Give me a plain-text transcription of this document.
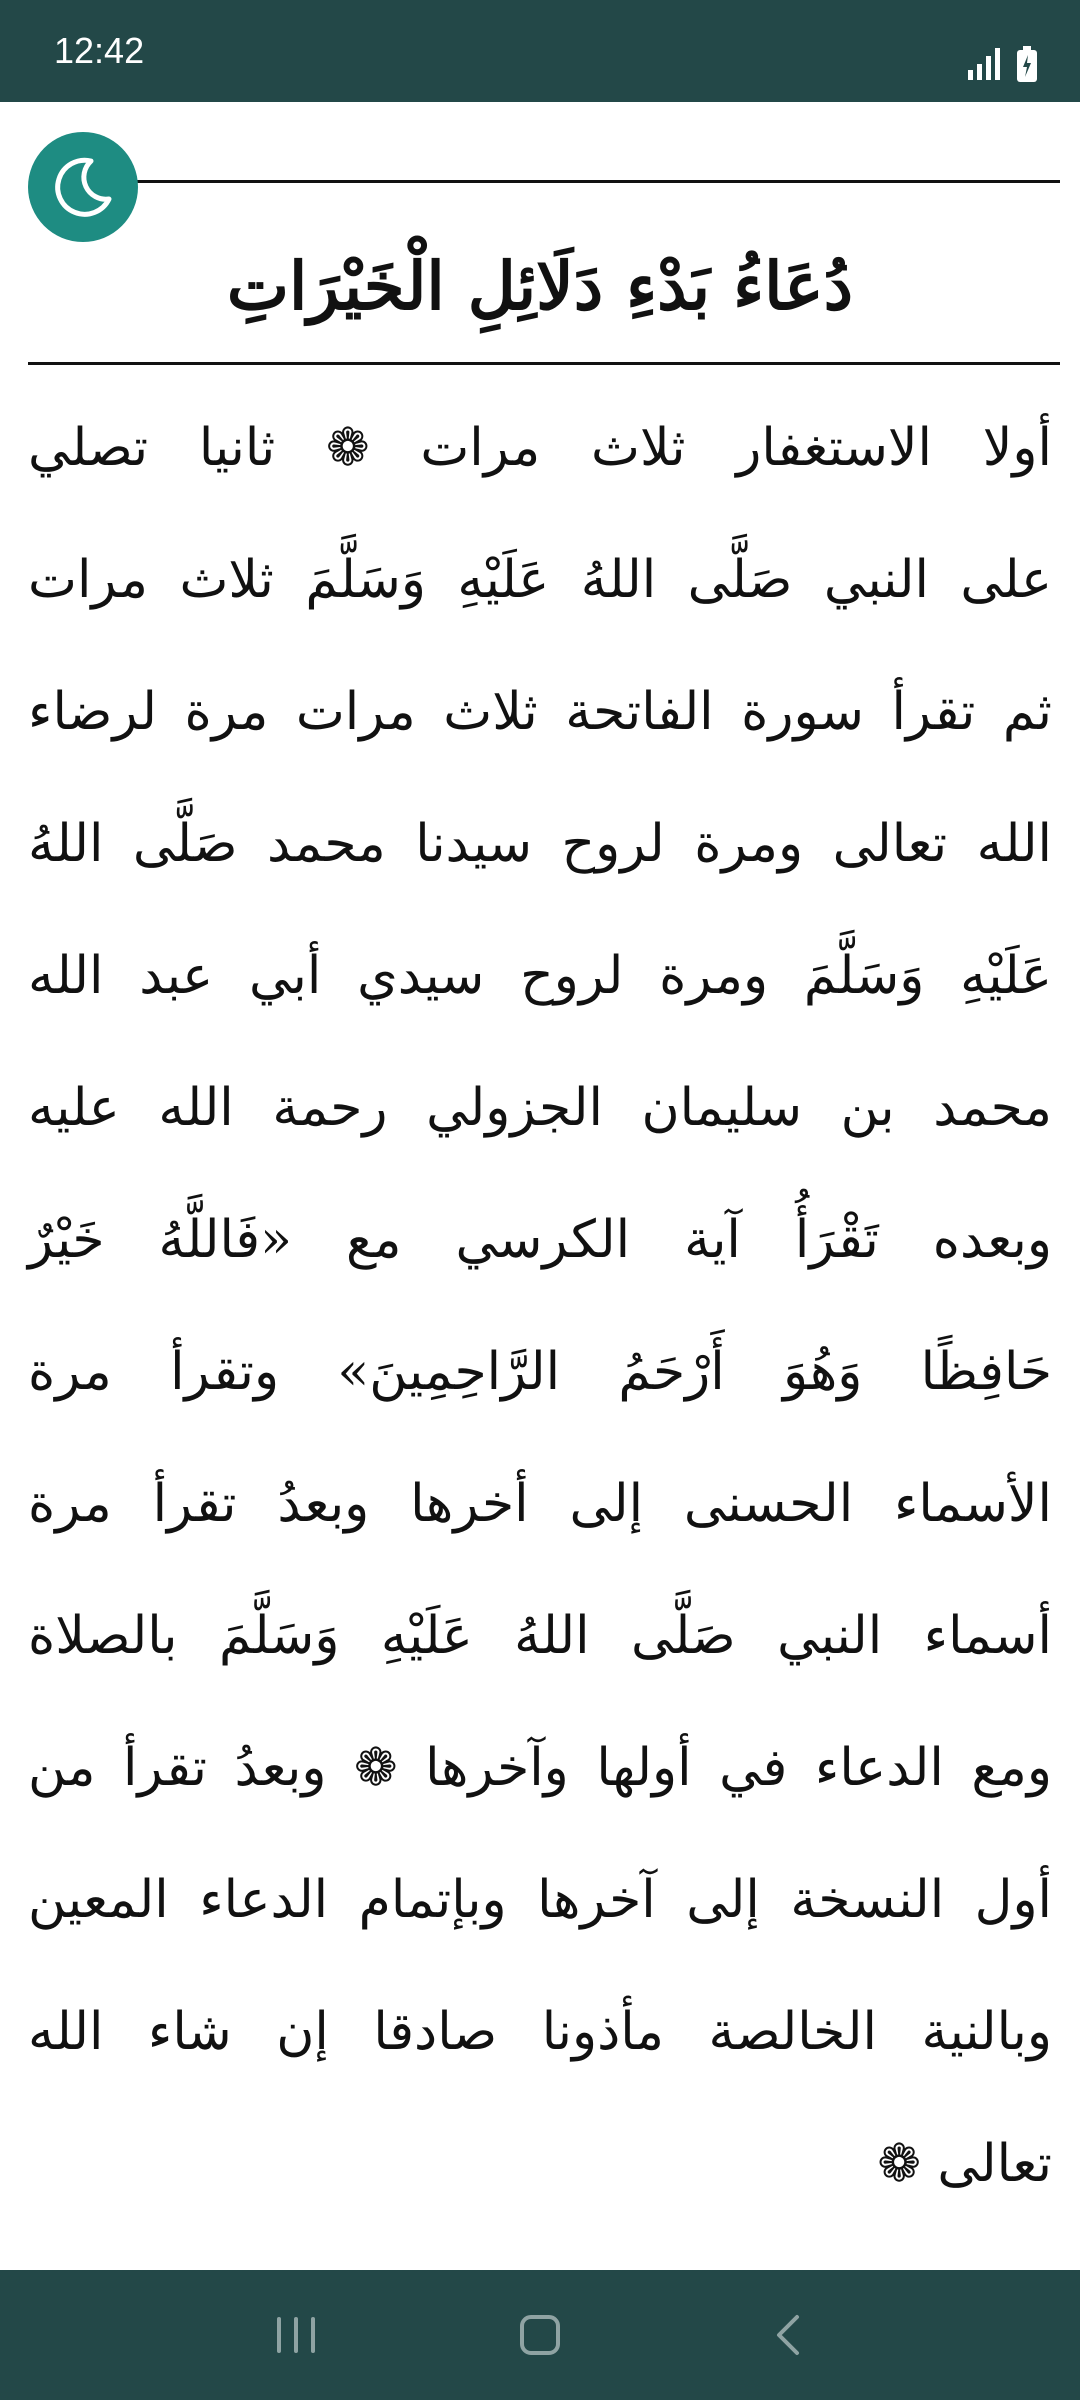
12:42
دُعَاءُ بَدْءِ دَلَائِلِ الْخَيْرَاتِ
أولا الاستغفار ثلاث مرات ❁ ثانيا تصلي
على النبي صَلَّى اللهُ عَلَيْهِ وَسَلَّمَ ثلاث مرات
ثم تقرأ سورة الفاتحة ثلاث مرات مرة لرضاء
الله تعالى ومرة لروح سيدنا محمد صَلَّى اللهُ
عَلَيْهِ وَسَلَّمَ ومرة لروح سيدي أبي عبد الله
محمد بن سليمان الجزولي رحمة الله عليه
وبعده تَقْرَأُ آية الكرسي مع «فَاللَّهُ خَيْرٌ
حَافِظًا وَهُوَ أَرْحَمُ الرَّاحِمِينَ» وتقرأ مرة
الأسماء الحسنى إلى أخرها وبعدُ تقرأ مرة
أسماء النبي صَلَّى اللهُ عَلَيْهِ وَسَلَّمَ بالصلاة
ومع الدعاء في أولها وآخرها ❁ وبعدُ تقرأ من
أول النسخة إلى آخرها وبإتمام الدعاء المعين
وبالنية الخالصة مأذونا صادقا إن شاء الله
تعالى ❁
